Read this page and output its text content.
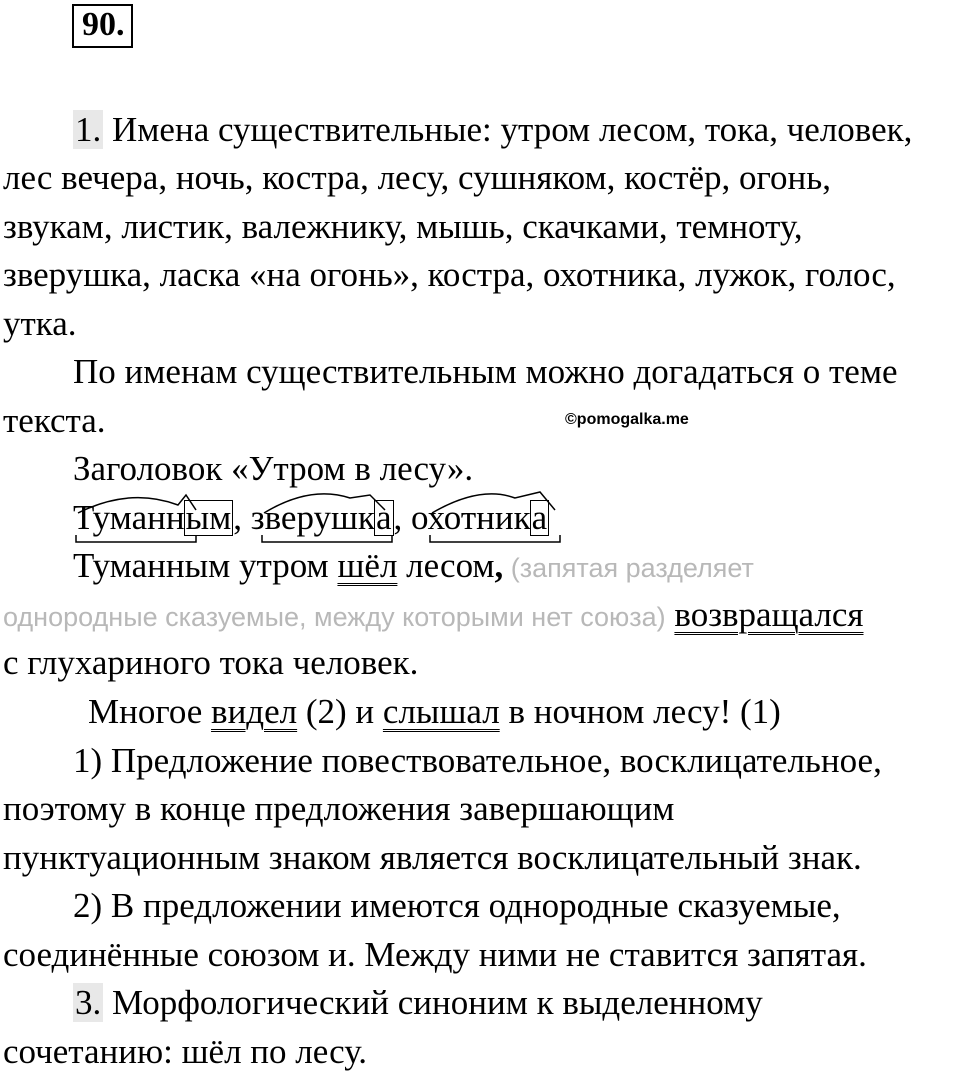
90.
1. Имена существительные: утром лесом, тока, человек,
лес вечера, ночь, костра, лесу, сушняком, костёр, огонь,
звукам, листик, валежнику, мышь, скачками, темноту,
зверушка, ласка «на огонь», костра, охотника, лужок, голос,
утка.
По именам существительным можно догадаться о теме
текста.	©pomogalka.me
Заголовок «Утром в лесу».
Туманным, зверушка, охотника
Туманным утром шёл лесом, (запятая разделяет
однородные сказуемые, между которыми нет союза) возвращался
с глухариного тока человек.
Многое видел (2) и слышал в ночном лесу! (1)
1) Предложение повествовательное, восклицательное,
поэтому в конце предложения завершающим
пунктуационным знаком является восклицательный знак.
2) В предложении имеются однородные сказуемые,
соединённые союзом и. Между ними не ставится запятая.
3. Морфологический синоним к выделенному
сочетанию: шёл по лесу.
